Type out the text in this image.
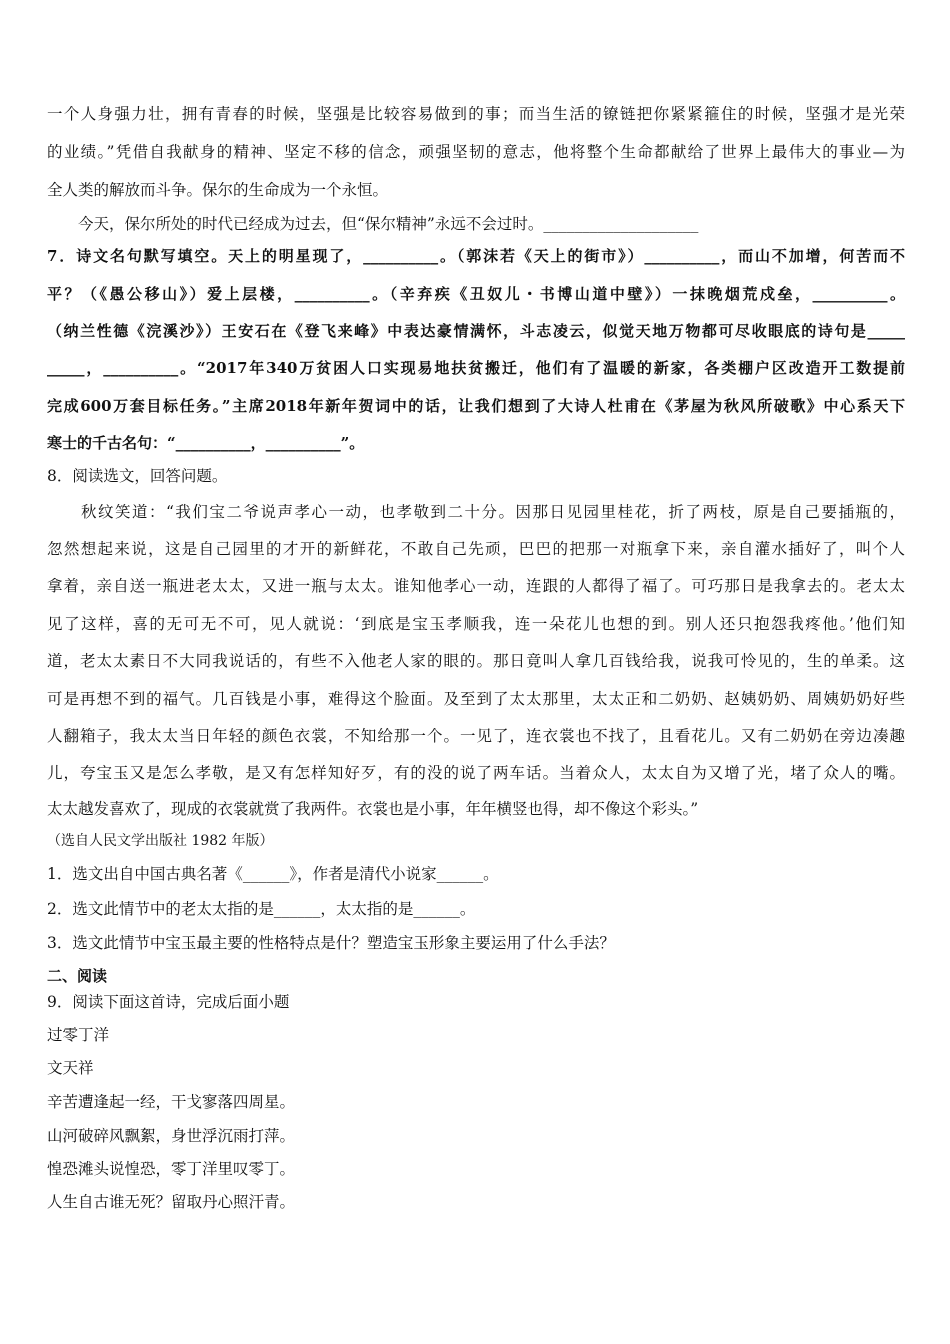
一个人身强力壮，拥有青春的时候，坚强是比较容易做到的事；而当生活的镣链把你紧紧箍住的时候，坚强才是光荣
的业绩。”凭借自我献身的精神、坚定不移的信念，顽强坚韧的意志，他将整个生命都献给了世界上最伟大的事业—为
全人类的解放而斗争。保尔的生命成为一个永恒。
　　今天，保尔所处的时代已经成为过去，但“保尔精神”永远不会过时。____________________
7．诗文名句默写填空。天上的明星现了，__________。（郭沫若《天上的街市》）__________，而山不加增，何苦而不
平？（《愚公移山》）爱上层楼，__________。（辛弃疾《丑奴儿・书博山道中壁》）一抹晚烟荒戍垒，__________。
（纳兰性德《浣溪沙》）王安石在《登飞来峰》中表达豪情满怀，斗志凌云，似觉天地万物都可尽收眼底的诗句是_____
_____，__________。“2017年340万贫困人口实现易地扶贫搬迁，他们有了温暖的新家，各类棚户区改造开工数提前
完成600万套目标任务。”主席2018年新年贺词中的话，让我们想到了大诗人杜甫在《茅屋为秋风所破歌》中心系天下
寒士的千古名句：“__________，__________”。
8．阅读选文，回答问题。
　　秋纹笑道：“我们宝二爷说声孝心一动，也孝敬到二十分。因那日见园里桂花，折了两枝，原是自己要插瓶的，
忽然想起来说，这是自己园里的才开的新鲜花，不敢自己先顽，巴巴的把那一对瓶拿下来，亲自灌水插好了，叫个人
拿着，亲自送一瓶进老太太，又进一瓶与太太。谁知他孝心一动，连跟的人都得了福了。可巧那日是我拿去的。老太太
见了这样，喜的无可无不可，见人就说：‘到底是宝玉孝顺我，连一朵花儿也想的到。别人还只抱怨我疼他。’他们知
道，老太太素日不大同我说话的，有些不入他老人家的眼的。那日竟叫人拿几百钱给我，说我可怜见的，生的单柔。这
可是再想不到的福气。几百钱是小事，难得这个脸面。及至到了太太那里，太太正和二奶奶、赵姨奶奶、周姨奶奶好些
人翻箱子，我太太当日年轻的颜色衣裳，不知给那一个。一见了，连衣裳也不找了，且看花儿。又有二奶奶在旁边凑趣
儿，夸宝玉又是怎么孝敬，是又有怎样知好歹，有的没的说了两车话。当着众人，太太自为又增了光，堵了众人的嘴。
太太越发喜欢了，现成的衣裳就赏了我两件。衣裳也是小事，年年横竖也得，却不像这个彩头。”
（选自人民文学出版社 1982 年版）
1．选文出自中国古典名著《______》，作者是清代小说家______。
2．选文此情节中的老太太指的是______，太太指的是______。
3．选文此情节中宝玉最主要的性格特点是什？塑造宝玉形象主要运用了什么手法？
二、阅读
9．阅读下面这首诗，完成后面小题
过零丁洋
文天祥
辛苦遭逢起一经，干戈寥落四周星。
山河破碎风飘絮，身世浮沉雨打萍。
惶恐滩头说惶恐，零丁洋里叹零丁。
人生自古谁无死？留取丹心照汗青。
